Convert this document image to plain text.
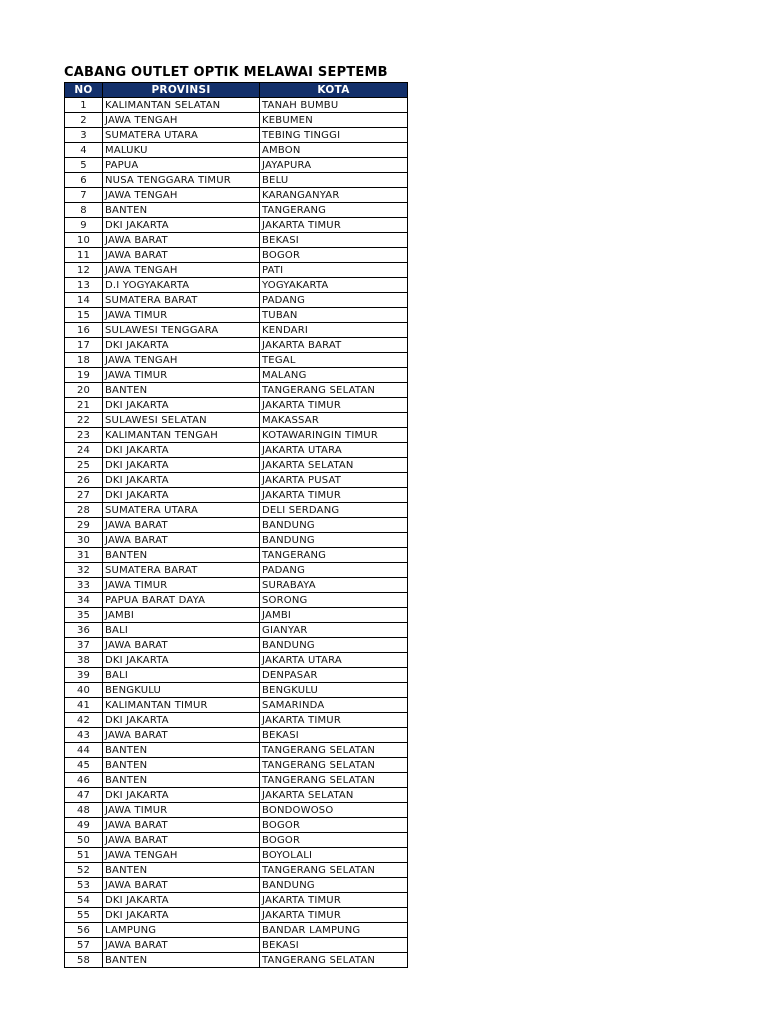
CABANG OUTLET OPTIK MELAWAI SEPTEMB
NO	PROVINSI	KOTA
1	KALIMANTAN SELATAN	TANAH BUMBU
2	JAWA TENGAH	KEBUMEN
3	SUMATERA UTARA	TEBING TINGGI
4	MALUKU	AMBON
5	PAPUA	JAYAPURA
6	NUSA TENGGARA TIMUR	BELU
7	JAWA TENGAH	KARANGANYAR
8	BANTEN	TANGERANG
9	DKI JAKARTA	JAKARTA TIMUR
10	JAWA BARAT	BEKASI
11	JAWA BARAT	BOGOR
12	JAWA TENGAH	PATI
13	D.I YOGYAKARTA	YOGYAKARTA
14	SUMATERA BARAT	PADANG
15	JAWA TIMUR	TUBAN
16	SULAWESI TENGGARA	KENDARI
17	DKI JAKARTA	JAKARTA BARAT
18	JAWA TENGAH	TEGAL
19	JAWA TIMUR	MALANG
20	BANTEN	TANGERANG SELATAN
21	DKI JAKARTA	JAKARTA TIMUR
22	SULAWESI SELATAN	MAKASSAR
23	KALIMANTAN TENGAH	KOTAWARINGIN TIMUR
24	DKI JAKARTA	JAKARTA UTARA
25	DKI JAKARTA	JAKARTA SELATAN
26	DKI JAKARTA	JAKARTA PUSAT
27	DKI JAKARTA	JAKARTA TIMUR
28	SUMATERA UTARA	DELI SERDANG
29	JAWA BARAT	BANDUNG
30	JAWA BARAT	BANDUNG
31	BANTEN	TANGERANG
32	SUMATERA BARAT	PADANG
33	JAWA TIMUR	SURABAYA
34	PAPUA BARAT DAYA	SORONG
35	JAMBI	JAMBI
36	BALI	GIANYAR
37	JAWA BARAT	BANDUNG
38	DKI JAKARTA	JAKARTA UTARA
39	BALI	DENPASAR
40	BENGKULU	BENGKULU
41	KALIMANTAN TIMUR	SAMARINDA
42	DKI JAKARTA	JAKARTA TIMUR
43	JAWA BARAT	BEKASI
44	BANTEN	TANGERANG SELATAN
45	BANTEN	TANGERANG SELATAN
46	BANTEN	TANGERANG SELATAN
47	DKI JAKARTA	JAKARTA SELATAN
48	JAWA TIMUR	BONDOWOSO
49	JAWA BARAT	BOGOR
50	JAWA BARAT	BOGOR
51	JAWA TENGAH	BOYOLALI
52	BANTEN	TANGERANG SELATAN
53	JAWA BARAT	BANDUNG
54	DKI JAKARTA	JAKARTA TIMUR
55	DKI JAKARTA	JAKARTA TIMUR
56	LAMPUNG	BANDAR LAMPUNG
57	JAWA BARAT	BEKASI
58	BANTEN	TANGERANG SELATAN
